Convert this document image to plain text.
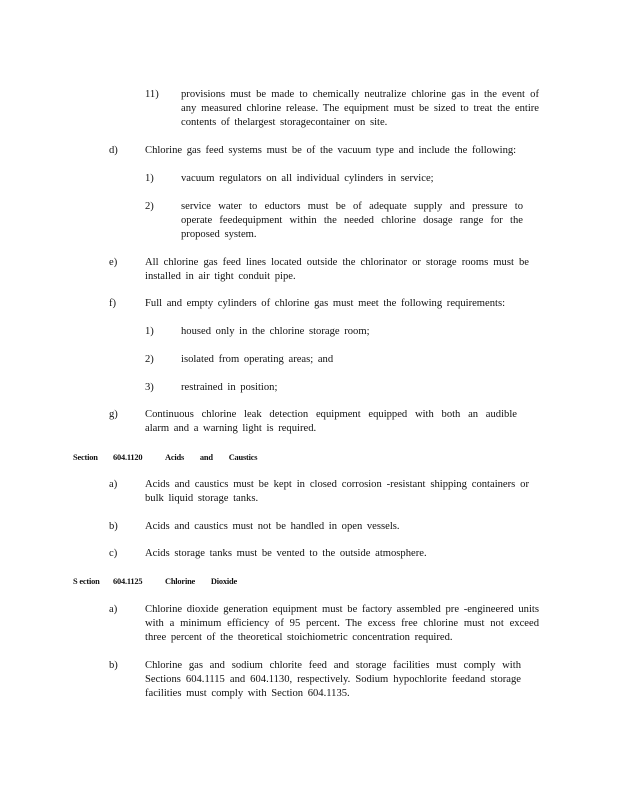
11) provisions must be made to chemically neutralize chlorine gas in the event of any measured chlorine release. The equipment must be sized to treat the entire contents of thelargest storagecontainer on site.
d)	Chlorine gas feed systems must be of the vacuum type and include the following:
1)	vacuum regulators on all individual cylinders in service;
2)	service water to eductors must be of adequate supply and pressure to operate feedequipment within the needed chlorine dosage range for the proposed system.
e)	All chlorine gas feed lines located outside the chlorinator or storage rooms must be installed in air tight conduit pipe.
f)	Full and empty cylinders of chlorine gas must meet the following requirements:
1)	housed only in the chlorine storage room;
2)	isolated from operating areas; and
3)	restrained in position;
g)	Continuous chlorine leak detection equipment equipped with both an audible alarm and a warning light is required.
Section 604.1120	Acids and Caustics
a)	Acids and caustics must be kept in closed corrosion -resistant shipping containers or bulk liquid storage tanks.
b)	Acids and caustics must not be handled in open vessels.
c)	Acids storage tanks must be vented to the outside atmosphere.
S ection 604.1125	Chlorine Dioxide
a)	Chlorine dioxide generation equipment must be factory assembled pre -engineered units with a minimum efficiency of 95 percent. The excess free chlorine must not exceed three percent of the theoretical stoichiometric concentration required.
b)	Chlorine gas and sodium chlorite feed and storage facilities must comply with Sections 604.1115 and 604.1130, respectively. Sodium hypochlorite feedand storage facilities must comply with Section 604.1135.
